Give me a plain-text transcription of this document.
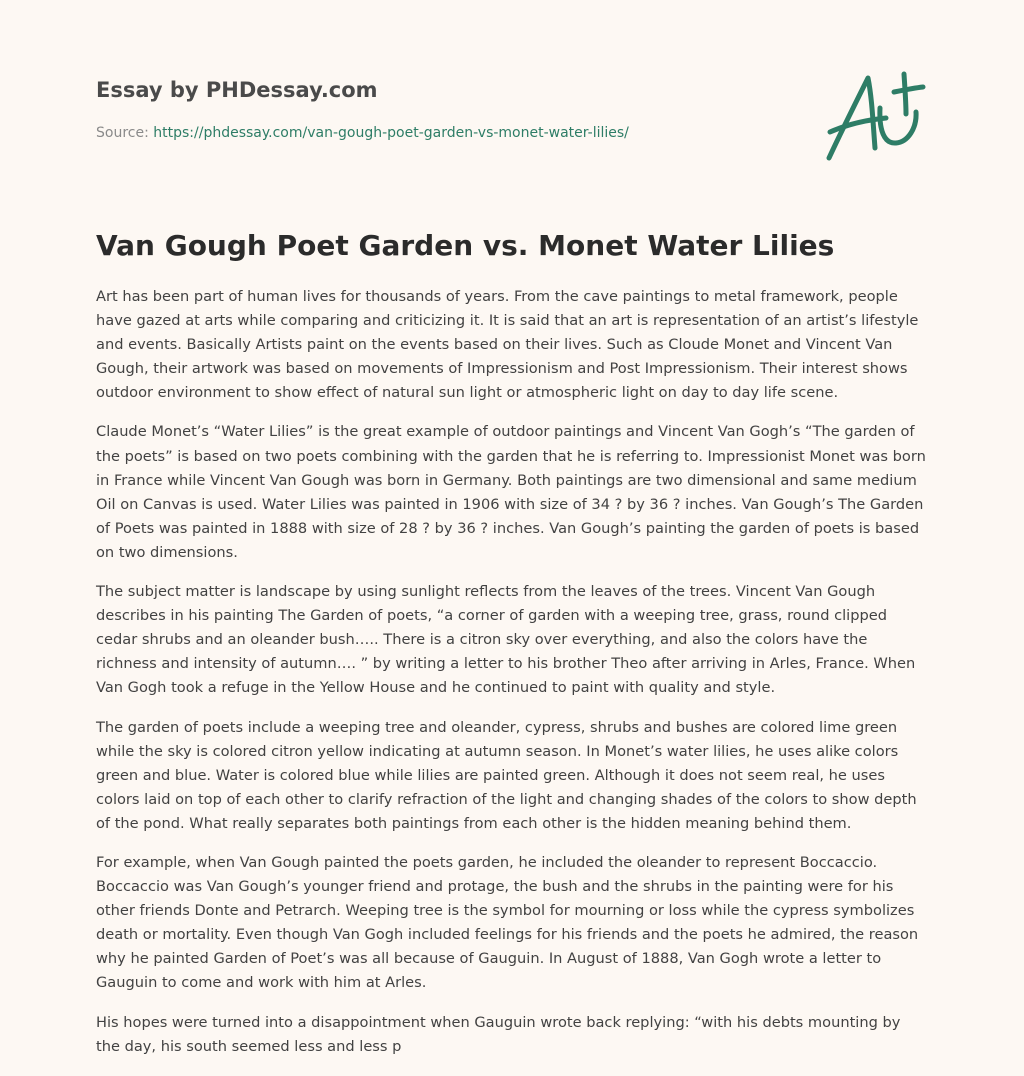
Essay by PHDessay.com
Source: https://phdessay.com/van-gough-poet-garden-vs-monet-water-lilies/
Van Gough Poet Garden vs. Monet Water Lilies

Art has been part of human lives for thousands of years. From the cave paintings to metal framework, people have gazed at arts while comparing and criticizing it. It is said that an art is representation of an artist’s lifestyle and events. Basically Artists paint on the events based on their lives. Such as Cloude Monet and Vincent Van Gough, their artwork was based on movements of Impressionism and Post Impressionism. Their interest shows outdoor environment to show effect of natural sun light or atmospheric light on day to day life scene.

Claude Monet’s “Water Lilies” is the great example of outdoor paintings and Vincent Van Gogh’s “The garden of the poets” is based on two poets combining with the garden that he is referring to. Impressionist Monet was born in France while Vincent Van Gough was born in Germany. Both paintings are two dimensional and same medium Oil on Canvas is used. Water Lilies was painted in 1906 with size of 34 ? by 36 ? inches. Van Gough’s The Garden of Poets was painted in 1888 with size of 28 ? by 36 ? inches. Van Gough’s painting the garden of poets is based on two dimensions.

The subject matter is landscape by using sunlight reflects from the leaves of the trees. Vincent Van Gough describes in his painting The Garden of poets, “a corner of garden with a weeping tree, grass, round clipped cedar shrubs and an oleander bush….. There is a citron sky over everything, and also the colors have the richness and intensity of autumn…. ” by writing a letter to his brother Theo after arriving in Arles, France. When Van Gogh took a refuge in the Yellow House and he continued to paint with quality and style.

The garden of poets include a weeping tree and oleander, cypress, shrubs and bushes are colored lime green while the sky is colored citron yellow indicating at autumn season. In Monet’s water lilies, he uses alike colors green and blue. Water is colored blue while lilies are painted green. Although it does not seem real, he uses colors laid on top of each other to clarify refraction of the light and changing shades of the colors to show depth of the pond. What really separates both paintings from each other is the hidden meaning behind them.

For example, when Van Gough painted the poets garden, he included the oleander to represent Boccaccio. Boccaccio was Van Gough’s younger friend and protage, the bush and the shrubs in the painting were for his other friends Donte and Petrarch. Weeping tree is the symbol for mourning or loss while the cypress symbolizes death or mortality. Even though Van Gogh included feelings for his friends and the poets he admired, the reason why he painted Garden of Poet’s was all because of Gauguin. In August of 1888, Van Gogh wrote a letter to Gauguin to come and work with him at Arles.

His hopes were turned into a disappointment when Gauguin wrote back replying: “with his debts mounting by the day, his south seemed less and less p
